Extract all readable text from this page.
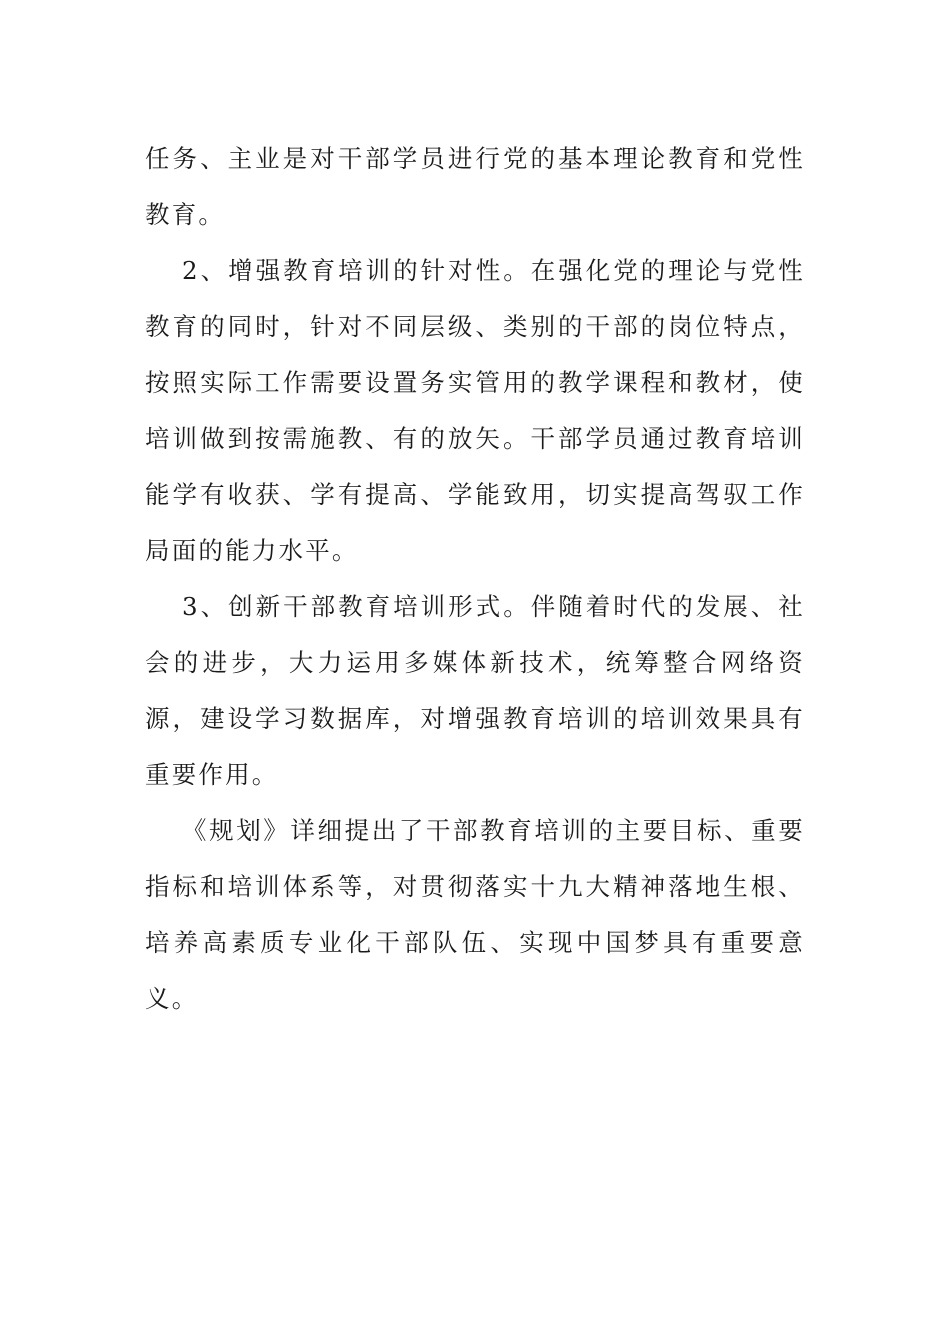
任务、主业是对干部学员进行党的基本理论教育和党性教育。

2、增强教育培训的针对性。在强化党的理论与党性教育的同时，针对不同层级、类别的干部的岗位特点，按照实际工作需要设置务实管用的教学课程和教材，使培训做到按需施教、有的放矢。干部学员通过教育培训能学有收获、学有提高、学能致用，切实提高驾驭工作局面的能力水平。

3、创新干部教育培训形式。伴随着时代的发展、社会的进步，大力运用多媒体新技术，统筹整合网络资源，建设学习数据库，对增强教育培训的培训效果具有重要作用。

《规划》详细提出了干部教育培训的主要目标、重要指标和培训体系等，对贯彻落实十九大精神落地生根、培养高素质专业化干部队伍、实现中国梦具有重要意义。
